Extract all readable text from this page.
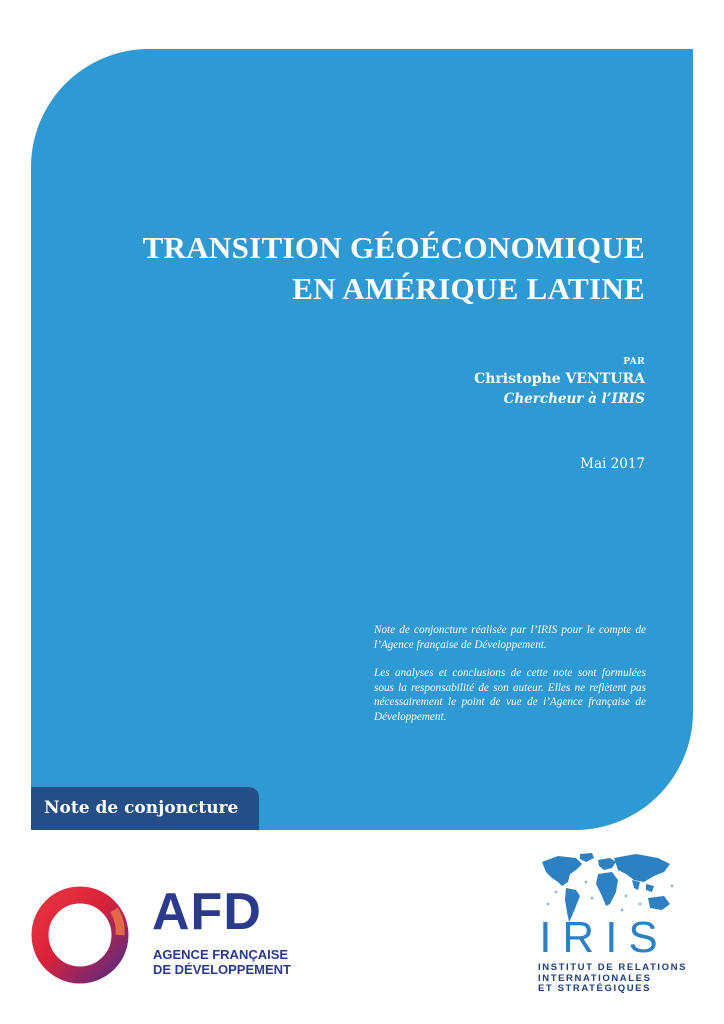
TRANSITION GÉOÉCONOMIQUE
EN AMÉRIQUE LATINE
PAR
Christophe VENTURA
Chercheur à l’IRIS
Mai 2017

Note de conjoncture réalisée par l’IRIS pour le compte de l’Agence française de Développement.

Les analyses et conclusions de cette note sont formulées sous la responsabilité de son auteur. Elles ne reflètent pas nécessairement le point de vue de l’Agence française de Développement.

Note de conjoncture
AFD
AGENCE FRANÇAISE
DE DÉVELOPPEMENT
IRIS
INSTITUT DE RELATIONS
INTERNATIONALES
ET STRATÉGIQUES
